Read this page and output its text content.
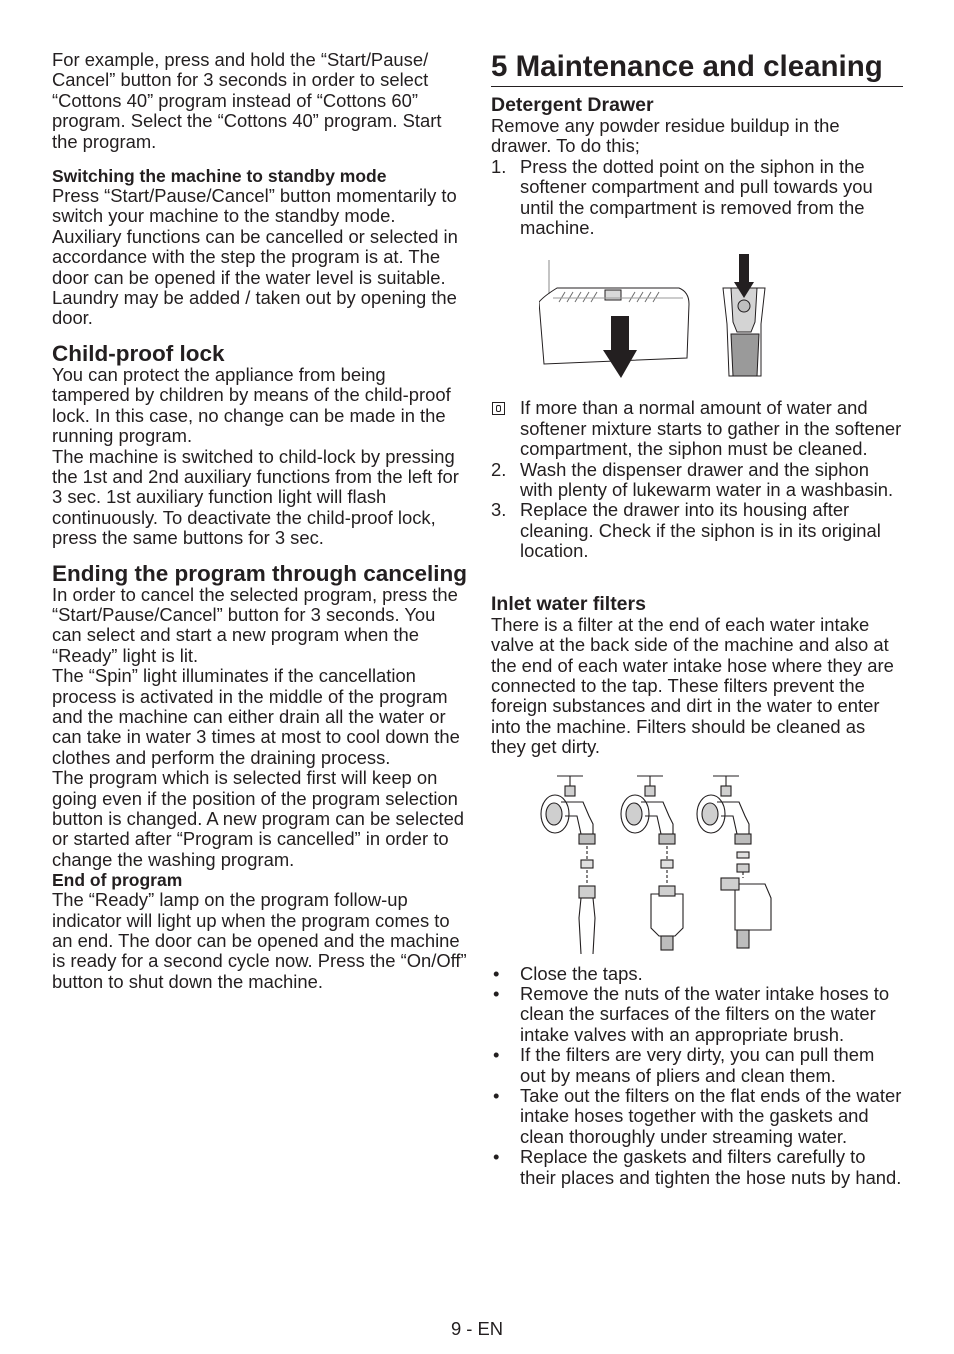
For example, press and hold the “Start/Pause/ Cancel” button for 3 seconds in order to select “Cottons 40” program instead of “Cottons 60” program. Select the “Cottons 40” program. Start the program.

Switching the machine to standby mode

Press “Start/Pause/Cancel” button momentarily to switch your machine to the standby mode. Auxiliary functions can be cancelled or selected in accordance with the step the program is at. The door can be opened if the water level is suitable. Laundry may be added / taken out by opening the door.

Child-proof lock

You can protect the appliance from being tampered by children by means of the child-proof lock. In this case, no change can be made in the running program.

The machine is switched to child-lock by pressing the 1st and 2nd auxiliary functions from the left for 3 sec. 1st auxiliary function light will flash continuously. To deactivate the child-proof lock, press the same buttons for 3 sec.

Ending the program through canceling

In order to cancel the selected program, press the “Start/Pause/Cancel” button for 3 seconds. You can select and start a new program when the “Ready” light is lit.

The “Spin” light illuminates if the cancellation process is activated in the middle of the program and the machine can either drain all the water or can take in water 3 times at most to cool down the clothes and perform the draining process.

The program which is selected first will keep on going even if the position of the program selection button is changed. A new program can be selected or started after “Program is cancelled” in order to change the washing program.

End of program

The “Ready” lamp on the program follow-up indicator will light up when the program comes to an end. The door can be opened and the machine is ready for a second cycle now. Press the “On/Off” button to shut down the machine.

5 Maintenance and cleaning
Detergent Drawer

Remove any powder residue buildup in the drawer. To do this;

1. Press the dotted point on the siphon in the softener compartment and pull towards you until the compartment is removed from the machine.
max
If more than a normal amount of water and softener mixture starts to gather in the softener compartment, the siphon must be cleaned.
2. Wash the dispenser drawer and the siphon with plenty of lukewarm water in a washbasin.
3. Replace the drawer into its housing after cleaning. Check if the siphon is in its original location.
Inlet water filters

There is a filter at the end of each water intake valve at the back side of the machine and also at the end of each water intake hose where they are connected to the tap. These filters prevent the foreign substances and dirt in the water to enter into the machine. Filters should be cleaned as they get dirty.

• Close the taps.
• Remove the nuts of the water intake hoses to clean the surfaces of the filters on the water intake valves with an appropriate brush.
• If the filters are very dirty, you can pull them out by means of pliers and clean them.
• Take out the filters on the flat ends of the water intake hoses together with the gaskets and clean thoroughly under streaming water.
• Replace the gaskets and filters carefully to their places and tighten the hose nuts by hand.
9 - EN
